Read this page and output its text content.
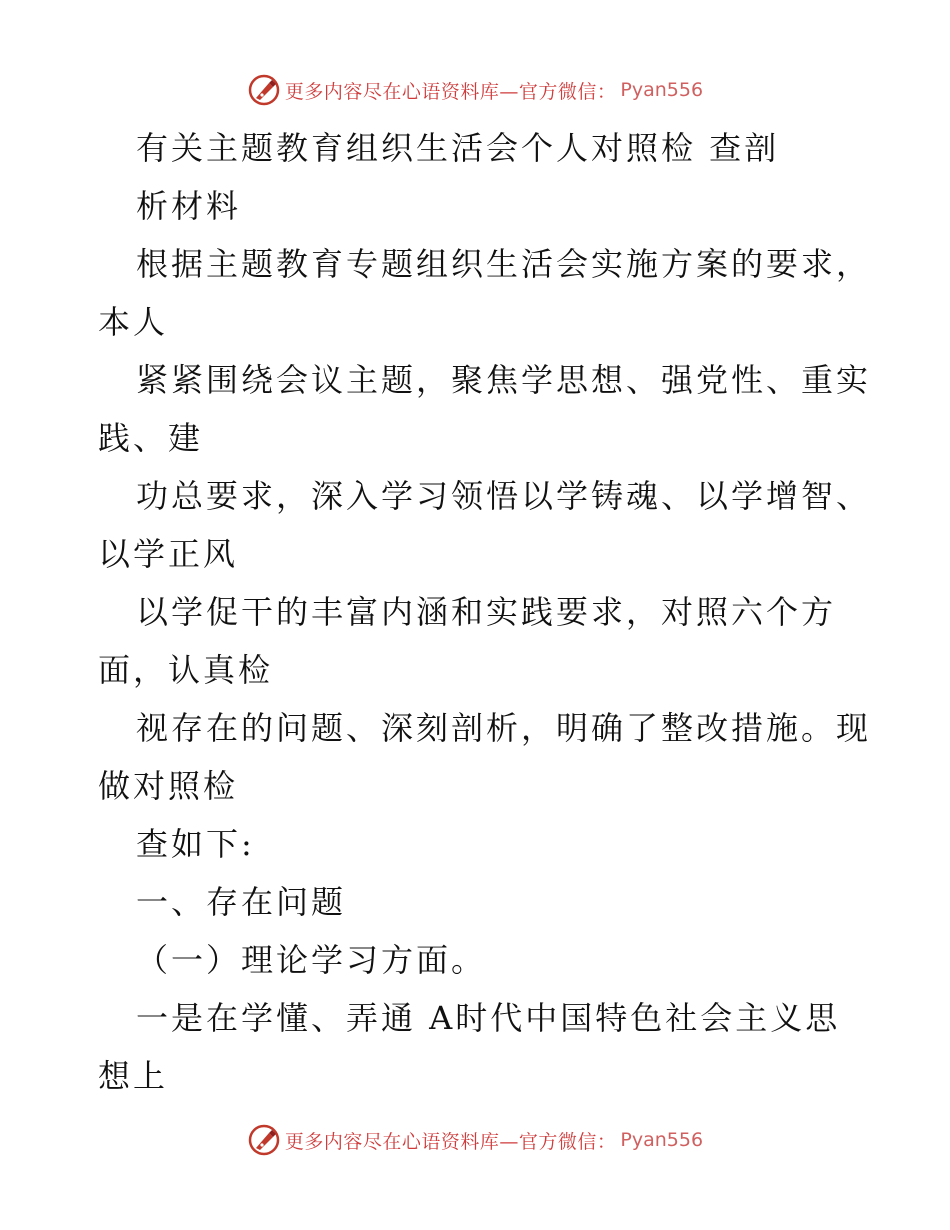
更多内容尽在心语资料库—官方微信： Pyan556
有关主题教育组织生活会个人对照检 查剖
析材料
根据主题教育专题组织生活会实施方案的要求，
本人
紧紧围绕会议主题，聚焦学思想、强党性、重实
践、建
功总要求，深入学习领悟以学铸魂、以学增智、
以学正风
以学促干的丰富内涵和实践要求，对照六个方
面，认真检
视存在的问题、深刻剖析，明确了整改措施。现
做对照检
查如下:
一、存在问题
（一）理论学习方面。
一是在学懂、弄通 A时代中国特色社会主义思
想上
更多内容尽在心语资料库—官方微信： Pyan556
